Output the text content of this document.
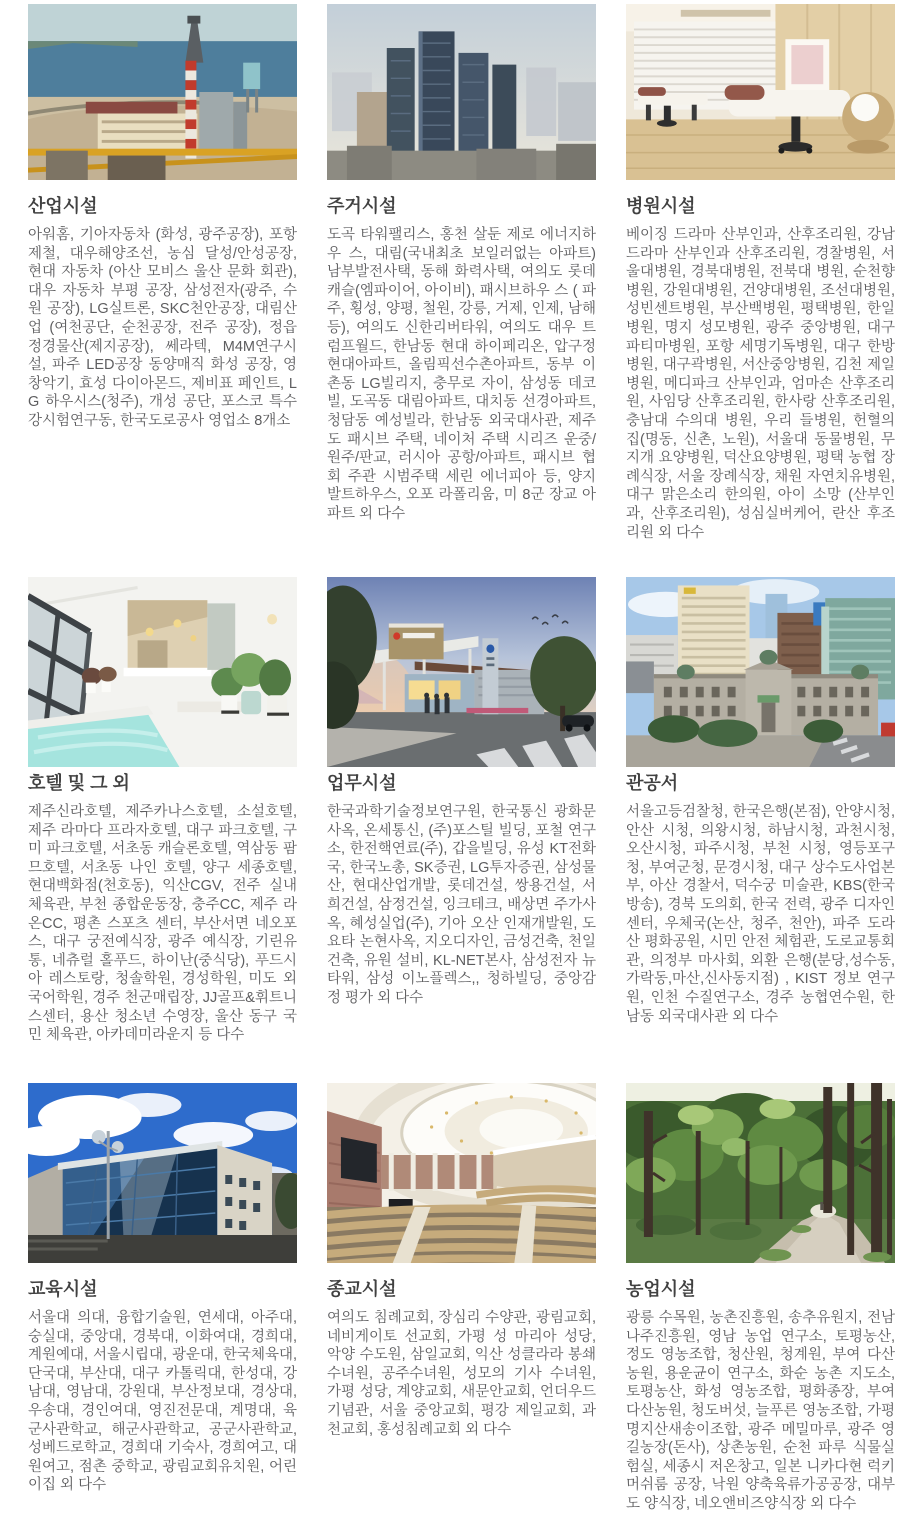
산업시설

아워홈, 기아자동차 (화성, 광주공장), 포항제철, 대우해양조선, 농심 달성/안성공장, 현대 자동차 (아산 모비스 울산 문화 회관), 대우 자동차 부평 공장, 삼성전자(광주, 수원 공장), LG실트론, SKC천안공장, 대림산업 (여천공단, 순천공장, 전주 공장), 정읍 정경물산(제지공장), 쎄라텍, M4M연구시설, 파주 LED공장 동양매직 화성 공장, 영창악기, 효성 다이아몬드, 제비표 페인트, LG 하우시스(청주), 개성 공단, 포스코 특수강시험연구동, 한국도로공사 영업소 8개소

주거시설

도곡 타워팰리스, 홍천 살둔 제로 에너지하우 스, 대림(국내최초 보일러없는 아파트) 남부발전사택, 동해 화력사택, 여의도 롯데캐슬(엠파이어, 아이비), 패시브하우 스 ( 파주, 횡성, 양평, 철원, 강릉, 거제, 인제, 남해 등), 여의도 신한리버타워, 여의도 대우 트럼프월드, 한남동 현대 하이페리온, 압구정 현대아파트, 올림픽선수촌아파트, 동부 이촌동 LG빌리지, 충무로 자이, 삼성동 데코빌, 도곡동 대림아파트, 대치동 선경아파트, 청담동 예성빌라, 한남동 외국대사관, 제주도 패시브 주택, 네이처 주택 시리즈 운중/원주/판교, 러시아 공항/아파트, 패시브 협회 주관 시범주택 세린 에너피아 등, 양지 발트하우스, 오포 라폴리움, 미 8군 장교 아파트 외 다수

병원시설

베이징 드라마 산부인과, 산후조리원, 강남 드라마 산부인과 산후조리원, 경찰병원, 서울대병원, 경북대병원, 전북대 병원, 순천향병원, 강원대병원, 건양대병원, 조선대병원, 성빈센트병원, 부산백병원, 평택병원, 한일병원, 명지 성모병원, 광주 중앙병원, 대구 파티마병원, 포항 세명기독병원, 대구 한방 병원, 대구곽병원, 서산중앙병원, 김천 제일병원, 메디파크 산부인과, 엄마손 산후조리원, 사임당 산후조리원, 한사랑 산후조리원, 충남대 수의대 병원, 우리 들병원, 헌혈의 집(명동, 신촌, 노원), 서울대 동물병원, 무지개 요양병원, 덕산요양병원, 평택 농협 장례식장, 서울 장례식장, 채원 자연치유병원, 대구 맑은소리 한의원, 아이 소망 (산부인과, 산후조리원), 성심실버케어, 란산 후조리원 외 다수

호텔 및 그 외

제주신라호텔, 제주카나스호텔, 소설호텔, 제주 라마다 프라자호텔, 대구 파크호텔, 구미 파크호텔, 서초동 캐슬론호텔, 역삼동 팜므호텔, 서초동 나인 호텔, 양구 세종호텔, 현대백화점(천호동), 익산CGV, 전주 실내체육관, 부천 종합운동장, 충주CC, 제주 라온CC, 평촌 스포츠 센터, 부산서면 네오포스, 대구 궁전예식장, 광주 예식장, 기린유통, 네츄럴 홀푸드, 하이난(중식당), 푸드시아 레스토랑, 청솔학원, 경성학원, 미도 외국어학원, 경주 천군매립장, JJ골프&휘트니스센터, 용산 청소년 수영장, 울산 동구 국민 체육관, 아카데미라운지 등 다수

업무시설

한국과학기술정보연구원, 한국통신 광화문사옥, 온세통신, (주)포스틸 빌딩, 포철 연구소, 한전핵연료(주), 갑을빌딩, 유성 KT전화국, 한국노총, SK증권, LG투자증권, 삼성물산, 현대산업개발, 롯데건설, 쌍용건설, 서희건설, 삼정건설, 잉크테크, 배상면 주가사옥, 혜성실업(주), 기아 오산 인재개발원, 도요타 논현사옥, 지오디자인, 금성건축, 천일건축, 유원 설비, KL-NET본사, 삼성전자 뉴타워, 삼성 이노플렉스,, 청하빌딩, 중앙감정 평가 외 다수

관공서

서울고등검찰청, 한국은행(본점), 안양시청, 안산 시청, 의왕시청, 하남시청, 과천시청, 오산시청, 파주시청, 부천 시청, 영등포구청, 부여군청, 문경시청, 대구 상수도사업본부, 아산 경찰서, 덕수궁 미술관, KBS(한국방송), 경북 도의회, 한국 전력, 광주 디자인센터, 우체국(논산, 청주, 천안), 파주 도라산 평화공원, 시민 안전 체험관, 도로교통회관, 의정부 마사회, 외환 은행(분당,성수동,가락동,마산,신사동지점) , KIST 정보 연구원, 인천 수질연구소, 경주 농협연수원, 한남동 외국대사관 외 다수

교육시설

서울대 의대, 융합기술원, 연세대, 아주대, 숭실대, 중앙대, 경북대, 이화여대, 경희대, 계원예대, 서울시립대, 광운대, 한국체육대, 단국대, 부산대, 대구 카톨릭대, 한성대, 강남대, 영남대, 강원대, 부산정보대, 경상대, 우송대, 경인여대, 영진전문대, 계명대, 육군사관학교, 해군사관학교, 공군사관학교, 성베드로학교, 경희대 기숙사, 경희여고, 대원여고, 점촌 중학교, 광림교회유치원, 어린이집 외 다수

종교시설

여의도 침례교회, 장심리 수양관, 광림교회, 네비게이토 선교회, 가평 성 마리아 성당, 악양 수도원, 삼일교회, 익산 성클라라 봉쇄수녀원, 공주수녀원, 성모의 기사 수녀원, 가평 성당, 계양교회, 새문안교회, 언더우드 기념관, 서울 중앙교회, 평강 제일교회, 과천교회, 홍성침례교회 외 다수

농업시설

광릉 수목원, 농촌진흥원, 송추유원지, 전남 나주진흥원, 영남 농업 연구소, 토평농산, 정도 영농조합, 청산원, 청계원, 부여 다산농원, 용운균이 연구소, 화순 농촌 지도소, 토평농산, 화성 영농조합, 평화종장, 부여 다산농원, 청도버섯, 늘푸른 영농조합, 가평 명지산새송이조합, 광주 메밀마루, 광주 영길농장(돈사), 상촌농원, 순천 파루 식물실험실, 세종시 저온창고, 일본 니카다현 럭키머쉬룸 공장, 낙원 양축육류가공공장, 대부도 양식장, 네오앤비즈양식장 외 다수
